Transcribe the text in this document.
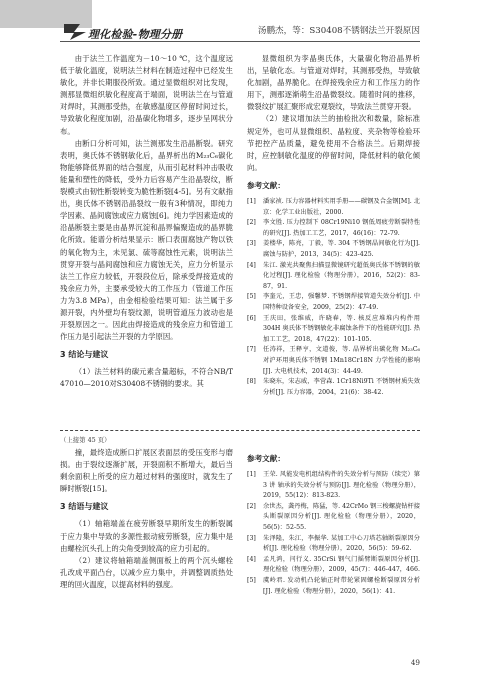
理化检验-物理分册	汤鹏杰，等：S30408不锈钢法兰开裂原因

由于法兰工作温度为－10～10 ℃，这个温度远低于敏化温度，说明法兰材料在制造过程中已经发生敏化，并非长期服役所致。通过显微组织对比发现，测那显微组织敏化程度高于端面，说明法兰在与管道对焊时，其测那受热，在敏感温度区停留时间过长，导致敏化程度加剧，沿晶碳化物增多，逐步呈网状分布。

由断口分析可知，法兰测那发生沿晶断裂。研究表明，奥氏体不锈钢敏化后，晶界析出的M₂₃C₆碳化物能够降低界面的结合强度，从而引起材料冲击吸收能量和塑性的降低，受外力后容易产生沿晶裂纹，断裂模式由韧性断裂转变为脆性断裂[4-5]。另有文献指出，奥氏体不锈钢沿晶裂纹一般有3种情况，即纯力学因素、晶间腐蚀或应力腐蚀[6]。纯力学因素造成的沿晶断裂主要是由晶界沉淀和晶界偏聚造成的晶界脆化所致。能谱分析结果显示：断口表面腐蚀产物以铁的氧化物为主，未见氯、硫等腐蚀性元素，说明法兰贯穿开裂与晶间腐蚀和应力腐蚀无关，应力分析显示法兰工作应力较低，开裂段位后，除承受焊接造成的残余应力外，主要承受较大的工作压力（管道工作压力为3.8 MPa），由金相检验结果可知：法兰属于多源开裂，内外壁均有裂纹源，说明管道压力波动也是开裂原因之一。因此由焊接造成的残余应力和管道工作压力是引起法兰开裂的力学原因。

3 结论与建议

（1）法兰材料的碳元素含量超标，不符合NB/T 47010—2010对S30408不锈钢的要求。其

显微组织为孪晶奥氏体，大量碳化物沿晶界析出，呈敏化态。与管道对焊时，其测那受热，导致敏化加剧，晶界脆化。在焊接残余应力和工作压力的作用下，测那逐渐萌生沿晶微裂纹。随着时间的推移，微裂纹扩展汇聚形成宏观裂纹，导致法兰贯穿开裂。

（2）建议增加法兰的抽检批次和数量，除标准规定外，也可从显微组织、晶粒度、夹杂物等检验环节把控产品质量，避免使用不合格法兰。后期焊接时，应控制敏化温度的停留时间，降低材料的敏化倾向。

参考文献：
[1]	潘家祯. 压力容器材料实用手册——碳钢及合金钢[M]. 北京：化学工业出版社，2000.
[2]	李文胜. 压力控制下 08Cr19Ni10 钢低周疲劳断裂特性的研究[J]. 热加工工艺，2017，46(16)：72-79.
[3]	姜楼华，陈亮，丁毅，等. 304 不锈钢晶间敏化行为[J]. 腐蚀与防护，2013，34(5)：423-425.
[4]	朱江. 激光共聚焦扫描显微镜研究超低奥氏体不锈钢的敏化过程[J]. 理化检验（物理分册），2016，52(2)：83-87，91.
[5]	李奎元，王忠，强馨梦. 不锈钢焊接管道失效分析[J]. 中国特种设备安全，2009，25(2)：47-49.
[6]	王庆田，张维威，许晓春，等. 核反应堆堆内构件用 304H 奥氏体不锈钢敏化非腐蚀条件下的性能研究[J]. 热加工工艺，2018，47(22)：101-105.
[7]	任涛祥，王释亨，文道俊，等. 晶界析出碳化物 M₂₃C₆ 对沪环用奥氏体不锈钢 1Mn18Cr18N 力学性能的影响[J]. 大电机技术，2014(3)：44-49.
[8]	朱晓东，宋志威，李营森. 1Cr18Ni9Ti 不锈钢材质失效分析[J]. 压力容器，2004，21(6)：38-42.
（上接第 45 页）

撞，最终造成断口扩展区表面层的受压变形与磨损。由于裂纹逐渐扩展，开裂面积不断增大，最后当剩余面积上所受的应力超过材料的强度时，就发生了瞬时断裂[15]。

3 结语与建议

（1）轴箱端盖在疲劳断裂早期所发生的断裂属于应力集中导致的多源性振动疲劳断裂，应力集中是由螺栓沉头孔上的尖角受到较高的应力引起的。

（2）建议将轴箱端盖侧面板上的两个沉头螺栓孔改成平面凸台，以减少应力集中，并调整调质热处理的回火温度，以提高材料的强度。

参考文献：
[1]	王荣. 风能发电机组结构件的失效分析与预防（续完）第 3 讲 轴承的失效分析与预防[J]. 理化检验（物理分册），2019，55(12)：813-823.
[2]	余世杰，龚丹梅，陈猛，等. 42CrMo 钢三梭螺旋钻杆接头断裂原因分析[J]. 理化检验（物理分册），2020，56(5)：52-55.
[3]	朱泽隆，朱江，李振华. 某加工中心刀塔芯轴断裂原因分析[J]. 理化检验（物理分册），2020，56(5)：59-62.
[4]	孟凡鸿，闫行义. 35CrSi 钢气门摇臂断裂原因分析[J]. 理化检验（物理分册），2009，45(7)：446-447，466.
[5]	虞岭君. 发动机凸轮轴正时带轮紧固螺栓断裂原因分析[J]. 理化检验（物理分册），2020，56(1)：41.
49
